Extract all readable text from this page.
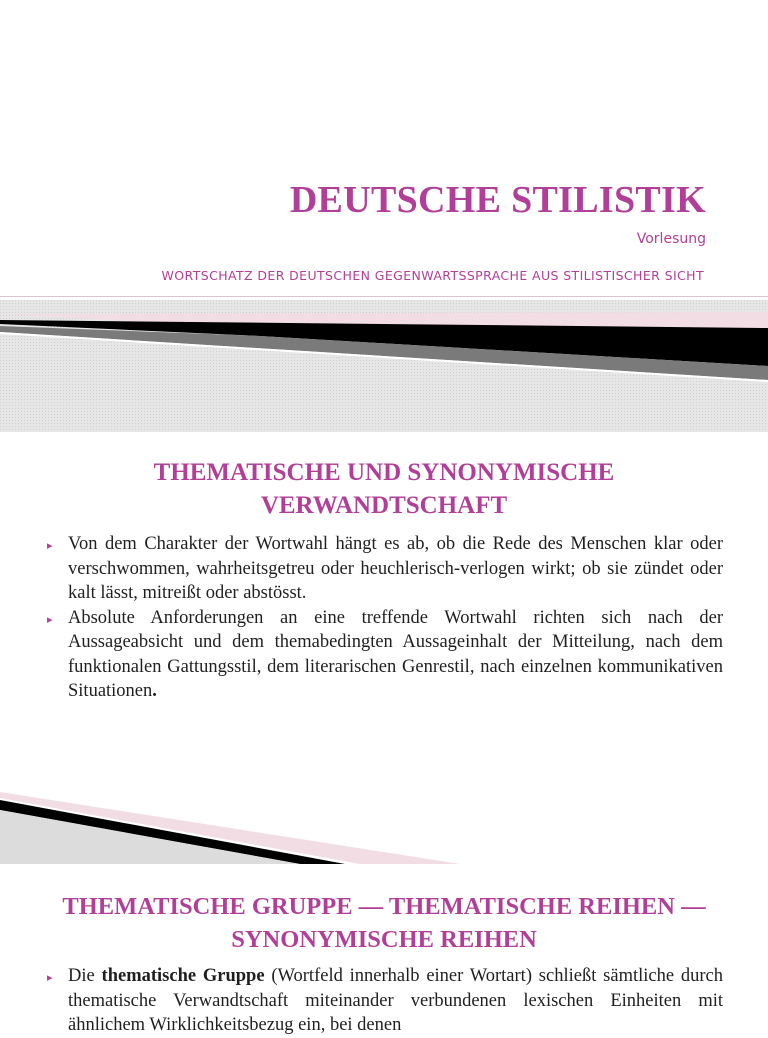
DEUTSCHE STILISTIK
Vorlesung
WORTSCHATZ DER DEUTSCHEN GEGENWARTSSPRACHE AUS STILISTISCHER SICHT
THEMATISCHE UND SYNONYMISCHE
VERWANDTSCHAFT
▸ Von dem Charakter der Wortwahl hängt es ab, ob die Rede des Menschen klar oder verschwommen, wahrheitsgetreu oder heuchlerisch-verlogen wirkt; ob sie zündet oder kalt lässt, mitreißt oder abstösst.
▸ Absolute Anforderungen an eine treffende Wortwahl richten sich nach der Aussageabsicht und dem themabedingten Aussageinhalt der Mitteilung, nach dem funktionalen Gattungsstil, dem literarischen Genrestil, nach einzelnen kommunikativen Situationen.
THEMATISCHE GRUPPE — THEMATISCHE REIHEN —
SYNONYMISCHE REIHEN
▸ Die thematische Gruppe (Wortfeld innerhalb einer Wortart) schließt sämtliche durch thematische Verwandtschaft miteinander verbundenen lexischen Einheiten mit ähnlichem Wirklichkeitsbezug ein, bei denen
